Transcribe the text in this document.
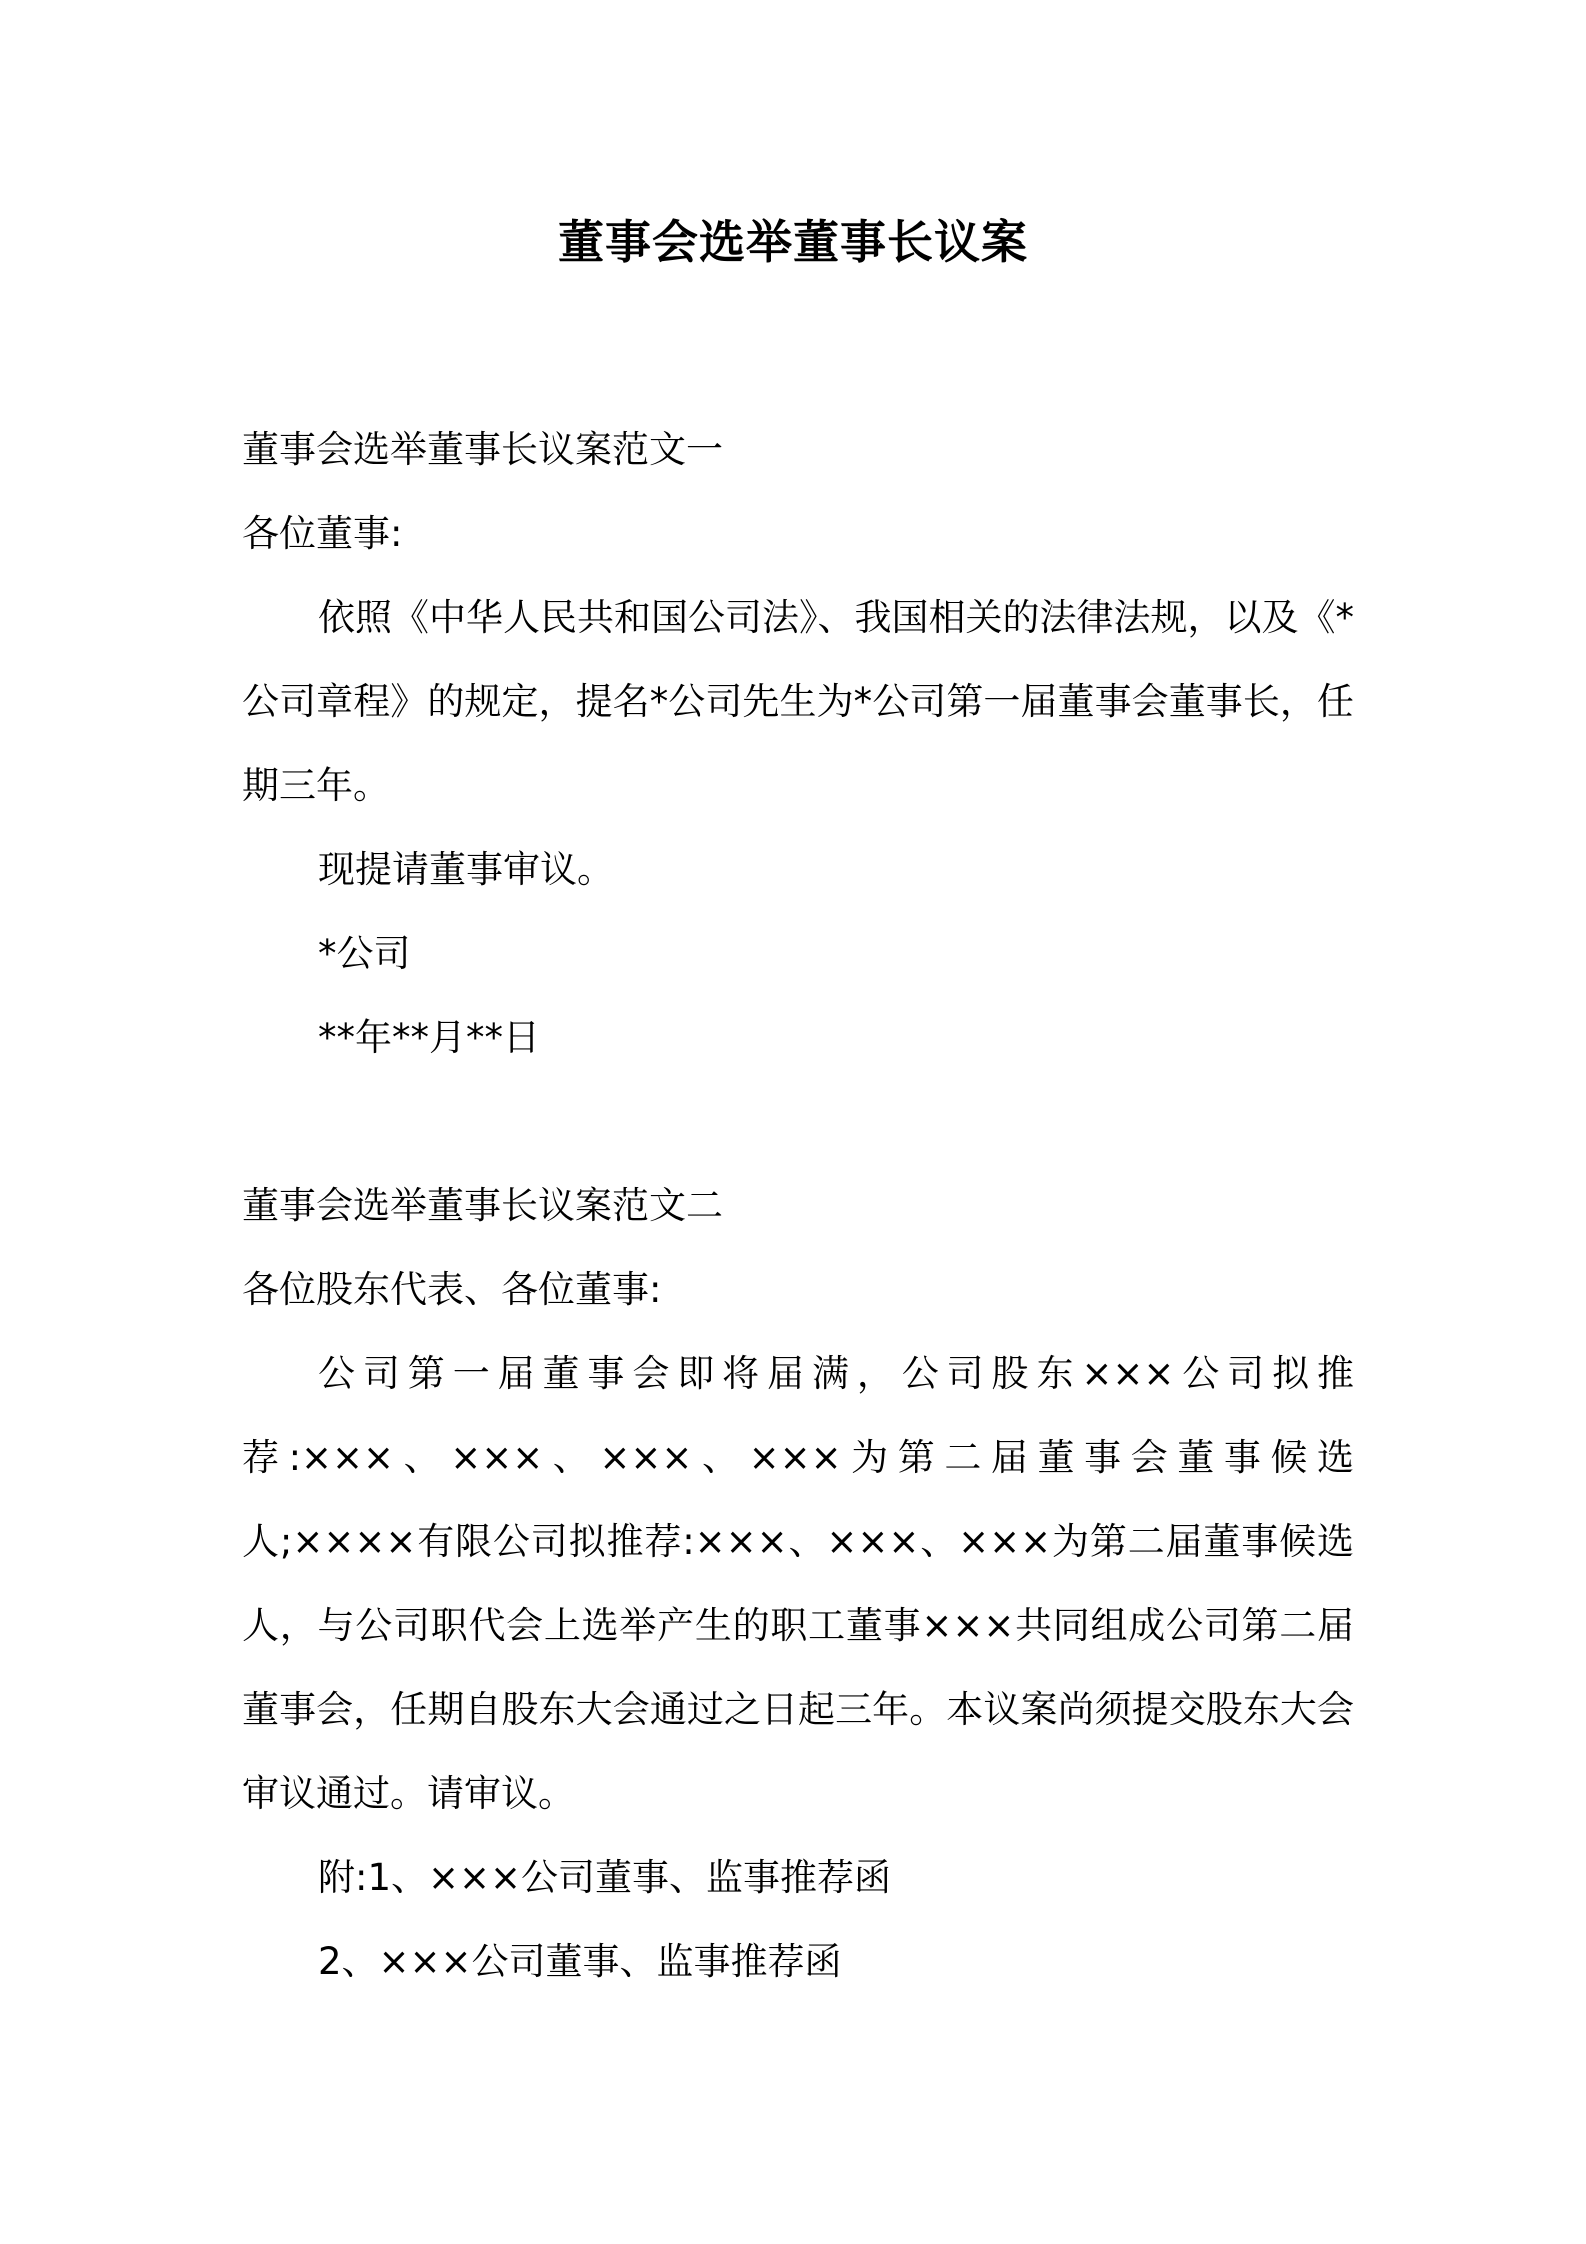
董事会选举董事长议案

董事会选举董事长议案范文一

各位董事:

依照《中华人民共和国公司法》、我国相关的法律法规，以及《*公司章程》的规定，提名*公司先生为*公司第一届董事会董事长，任期三年。

现提请董事审议。

*公司

**年**月**日

董事会选举董事长议案范文二

各位股东代表、各位董事:

公司第一届董事会即将届满，公司股东×××公司拟推荐:×××、×××、×××、×××为第二届董事会董事候选人;××××有限公司拟推荐:×××、×××、×××为第二届董事候选人，与公司职代会上选举产生的职工董事×××共同组成公司第二届董事会，任期自股东大会通过之日起三年。本议案尚须提交股东大会审议通过。请审议。

附:1、×××公司董事、监事推荐函

2、×××公司董事、监事推荐函
